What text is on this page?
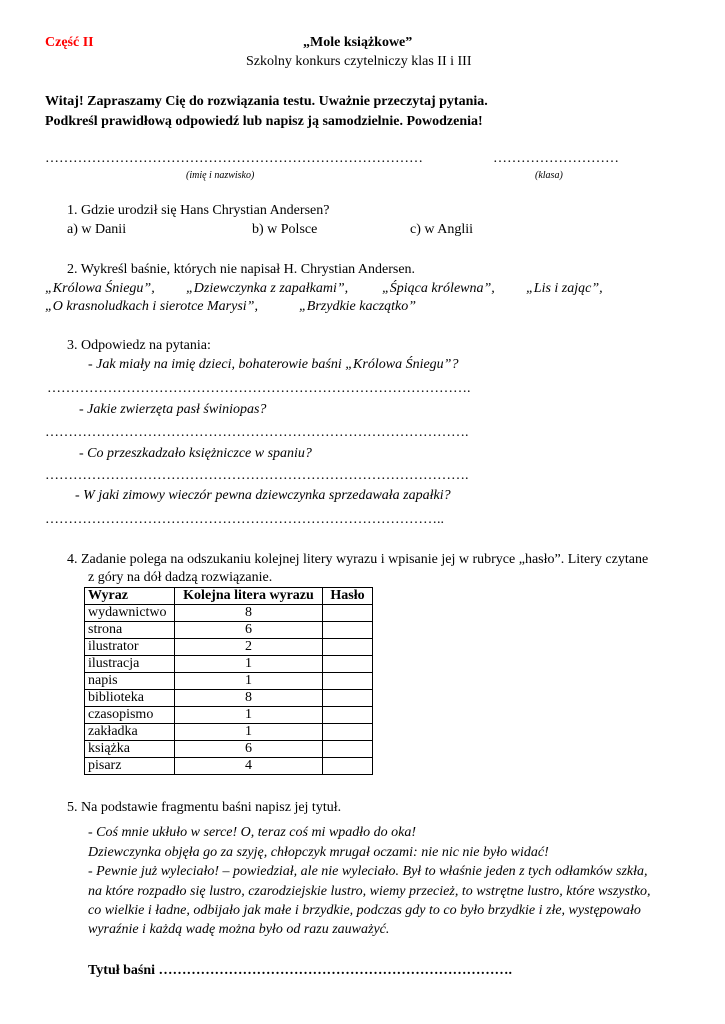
Część II	„Mole książkowe”
Szkolny konkurs czytelniczy klas II i III
Witaj! Zapraszamy Cię do rozwiązania testu. Uważnie przeczytaj pytania.
Podkreśl prawidłową odpowiedź lub napisz ją samodzielnie. Powodzenia!
………………………………………………………………………	………………………
(imię i nazwisko)	(klasa)
1. Gdzie urodził się Hans Chrystian Andersen?
a) w Danii	b) w Polsce	c) w Anglii
2. Wykreśl baśnie, których nie napisał H. Chrystian Andersen.
„Królowa Śniegu”, „Dziewczynka z zapałkami”, „Śpiąca królewna”, „Lis i zając”,
„O krasnoludkach i sierotce Marysi”,	„Brzydkie kaczątko”
3. Odpowiedz na pytania:
- Jak miały na imię dzieci, bohaterowie baśni „Królowa Śniegu”?
……………………………………………………………………………….
- Jakie zwierzęta pasł świniopas?
……………………………………………………………………………….
- Co przeszkadzało księżniczce w spaniu?
……………………………………………………………………………….
- W jaki zimowy wieczór pewna dziewczynka sprzedawała zapałki?
…………………………………………………………………………..
4. Zadanie polega na odszukaniu kolejnej litery wyrazu i wpisanie jej w rubryce „hasło”. Litery czytane
z góry na dół dadzą rozwiązanie.
Wyraz	Kolejna litera wyrazu	Hasło
wydawnictwo	8	
strona	6	
ilustrator	2	
ilustracja	1	
napis	1	
biblioteka	8	
czasopismo	1	
zakładka	1	
książka	6	
pisarz	4	
5. Na podstawie fragmentu baśni napisz jej tytuł.
- Coś mnie ukłuło w serce! O, teraz coś mi wpadło do oka!
Dziewczynka objęła go za szyję, chłopczyk mrugał oczami: nie nic nie było widać!
- Pewnie już wyleciało! – powiedział, ale nie wyleciało. Był to właśnie jeden z tych odłamków szkła,
na które rozpadło się lustro, czarodziejskie lustro, wiemy przecież, to wstrętne lustro, które wszystko,
co wielkie i ładne, odbijało jak małe i brzydkie, podczas gdy to co było brzydkie i złe, występowało
wyraźnie i każdą wadę można było od razu zauważyć.
Tytuł baśni ………………………………………………………………….
